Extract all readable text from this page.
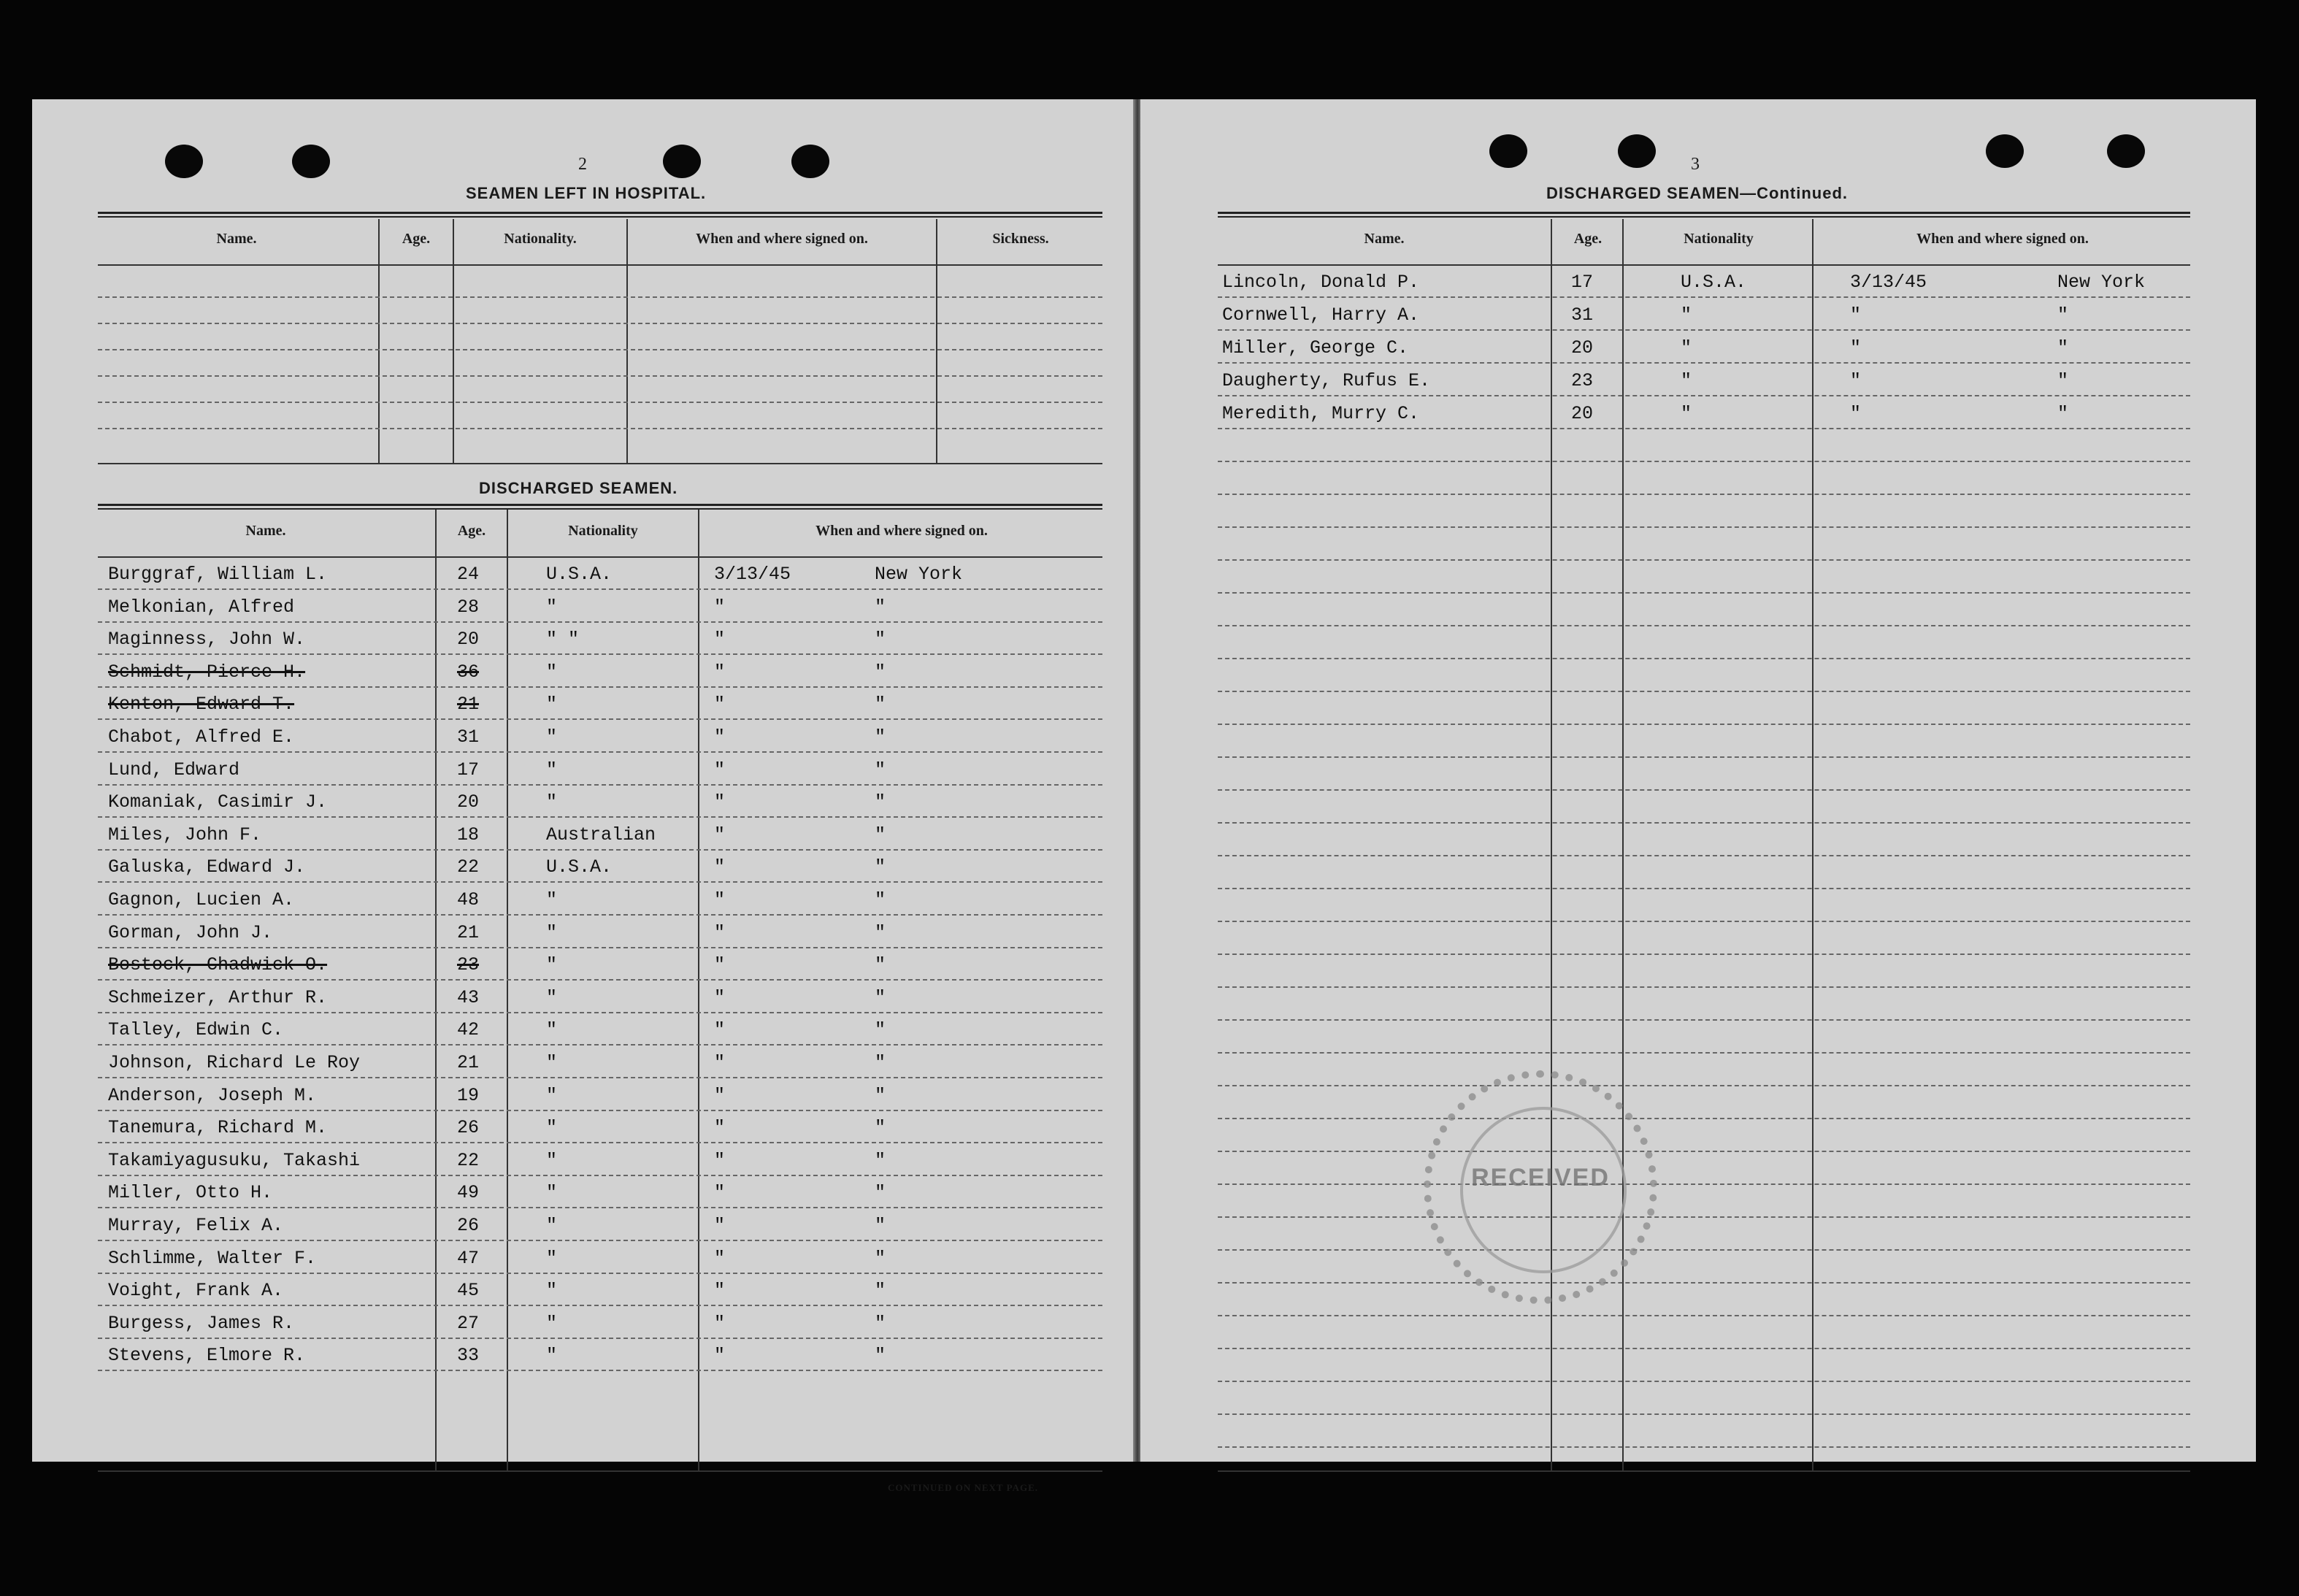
2
SEAMEN LEFT IN HOSPITAL.
Name.	Age.	Nationality.	When and where signed on.	Sickness.
DISCHARGED SEAMEN.
Name.	Age.	Nationality	When and where signed on.
Burggraf, William L.	24	U.S.A.	3/13/45	New York
Melkonian, Alfred	28	"	"	"
Maginness, John W.	20	" "	"	"
Schmidt, Pierce H.	36	"	"	"
Kenton, Edward T.	21	"	"	"
Chabot, Alfred E.	31	"	"	"
Lund, Edward	17	"	"	"
Komaniak, Casimir J.	20	"	"	"
Miles, John F.	18	Australian	"	"
Galuska, Edward J.	22	U.S.A.	"	"
Gagnon, Lucien A.	48	"	"	"
Gorman, John J.	21	"	"	"
Bostock, Chadwick O.	23	"	"	"
Schmeizer, Arthur R.	43	"	"	"
Talley, Edwin C.	42	"	"	"
Johnson, Richard Le Roy	21	"	"	"
Anderson, Joseph M.	19	"	"	"
Tanemura, Richard M.	26	"	"	"
Takamiyagusuku, Takashi	22	"	"	"
Miller, Otto H.	49	"	"	"
Murray, Felix A.	26	"	"	"
Schlimme, Walter F.	47	"	"	"
Voight, Frank A.	45	"	"	"
Burgess, James R.	27	"	"	"
Stevens, Elmore R.	33	"	"	"
CONTINUED ON NEXT PAGE.
3
DISCHARGED SEAMEN—Continued.
Name.	Age.	Nationality	When and where signed on.
Lincoln, Donald P.	17	U.S.A.	3/13/45	New York
Cornwell, Harry A.	31	"	"	"
Miller, George C.	20	"	"	"
Daugherty, Rufus E.	23	"	"	"
Meredith, Murry C.	20	"	"	"
RECEIVED
